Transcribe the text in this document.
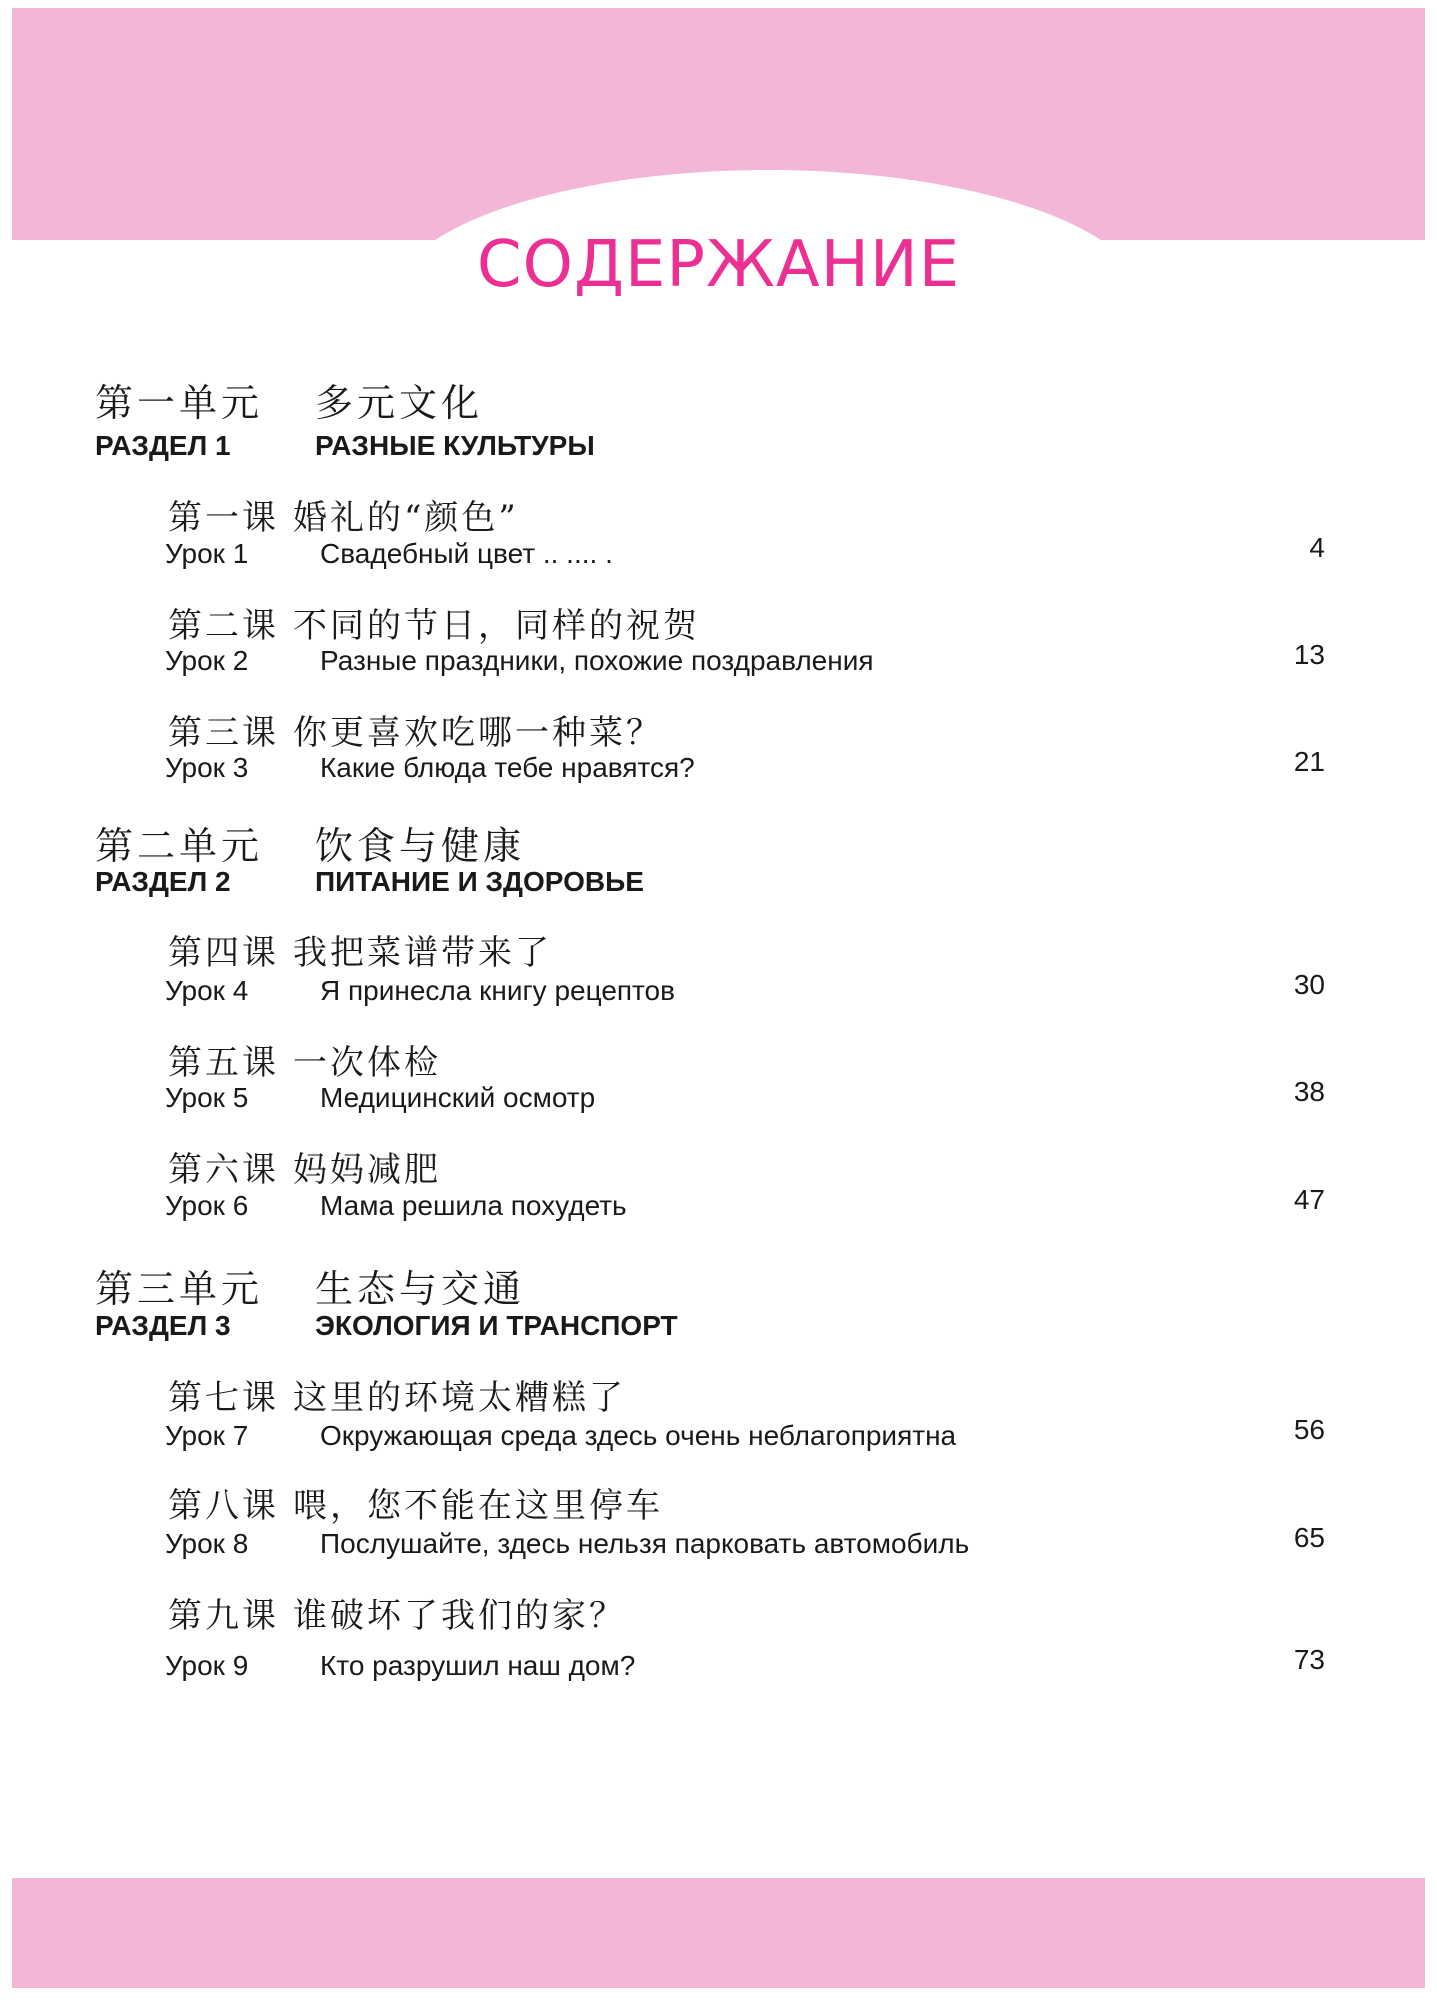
СОДЕРЖАНИЕ
第一单元 多元文化
РАЗДЕЛ 1	РАЗНЫЕ КУЛЬТУРЫ
第一课 婚礼的“颜色”
Урок 1	Свадебный цвет .. .... .	4
第二课 不同的节日，同样的祝贺
Урок 2	Разные праздники, похожие поздравления	13
第三课 你更喜欢吃哪一种菜？
Урок 3	Какие блюда тебе нравятся?	21
第二单元 饮食与健康
РАЗДЕЛ 2	ПИТАНИЕ И ЗДОРОВЬЕ
第四课 我把菜谱带来了
Урок 4	Я принесла книгу рецептов	30
第五课 一次体检
Урок 5	Медицинский осмотр	38
第六课 妈妈减肥
Урок 6	Мама решила похудеть	47
第三单元 生态与交通
РАЗДЕЛ 3	ЭКОЛОГИЯ И ТРАНСПОРТ
第七课 这里的环境太糟糕了
Урок 7	Окружающая среда здесь очень неблагоприятна	56
第八课 喂，您不能在这里停车
Урок 8	Послушайте, здесь нельзя парковать автомобиль	65
第九课 谁破坏了我们的家？
Урок 9	Кто разрушил наш дом?	73
